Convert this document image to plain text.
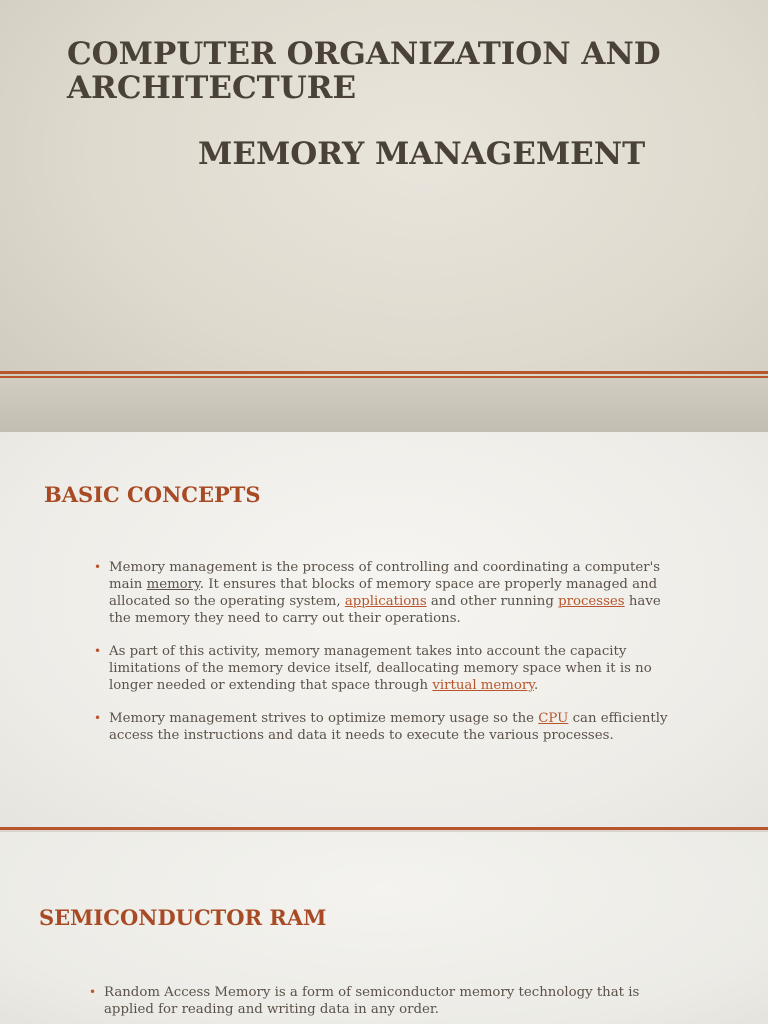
COMPUTER ORGANIZATION AND ARCHITECTURE
MEMORY MANAGEMENT
BASIC CONCEPTS
• Memory management is the process of controlling and coordinating a computer's main memory. It ensures that blocks of memory space are properly managed and allocated so the operating system, applications and other running processes have the memory they need to carry out their operations.
• As part of this activity, memory management takes into account the capacity limitations of the memory device itself, deallocating memory space when it is no longer needed or extending that space through virtual memory.
• Memory management strives to optimize memory usage so the CPU can efficiently access the instructions and data it needs to execute the various processes.
SEMICONDUCTOR RAM
• Random Access Memory is a form of semiconductor memory technology that is applied for reading and writing data in any order.
